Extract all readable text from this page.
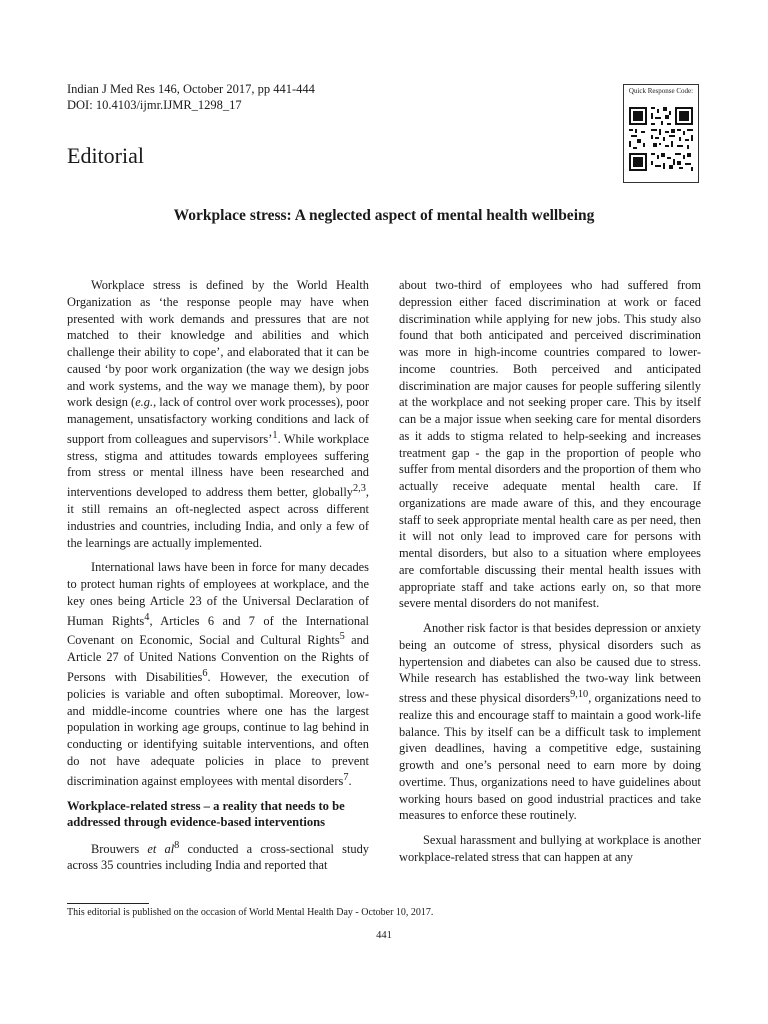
Indian J Med Res 146, October 2017, pp 441-444
DOI: 10.4103/ijmr.IJMR_1298_17
Editorial
Quick Response Code:
Workplace stress: A neglected aspect of mental health wellbeing

Workplace stress is defined by the World Health Organization as ‘the response people may have when presented with work demands and pressures that are not matched to their knowledge and abilities and which challenge their ability to cope’, and elaborated that it can be caused ‘by poor work organization (the way we design jobs and work systems, and the way we manage them), by poor work design (e.g., lack of control over work processes), poor management, unsatisfactory working conditions and lack of support from colleagues and supervisors’$^1$. While workplace stress, stigma and attitudes towards employees suffering from stress or mental illness have been researched and interventions developed to address them better, globally$^{2,3}$, it still remains an oft-neglected aspect across different industries and countries, including India, and only a few of the learnings are actually implemented.

International laws have been in force for many decades to protect human rights of employees at workplace, and the key ones being Article 23 of the Universal Declaration of Human Rights$^4$, Articles 6 and 7 of the International Covenant on Economic, Social and Cultural Rights$^5$ and Article 27 of United Nations Convention on the Rights of Persons with Disabilities$^6$. However, the execution of policies is variable and often suboptimal. Moreover, low- and middle-income countries where one has the largest population in working age groups, continue to lag behind in conducting or identifying suitable interventions, and often do not have adequate policies in place to prevent discrimination against employees with mental disorders$^7$.

Workplace-related stress – a reality that needs to be addressed through evidence-based interventions

Brouwers et $al^8$ conducted a cross-sectional study across 35 countries including India and reported that

about two-third of employees who had suffered from depression either faced discrimination at work or faced discrimination while applying for new jobs. This study also found that both anticipated and perceived discrimination was more in high-income countries compared to lower-income countries. Both perceived and anticipated discrimination are major causes for people suffering silently at the workplace and not seeking proper care. This by itself can be a major issue when seeking care for mental disorders as it adds to stigma related to help-seeking and increases treatment gap - the gap in the proportion of people who suffer from mental disorders and the proportion of them who actually receive adequate mental health care. If organizations are made aware of this, and they encourage staff to seek appropriate mental health care as per need, then it will not only lead to improved care for persons with mental disorders, but also to a situation where employees are comfortable discussing their mental health issues with appropriate staff and take actions early on, so that more severe mental disorders do not manifest.

Another risk factor is that besides depression or anxiety being an outcome of stress, physical disorders such as hypertension and diabetes can also be caused due to stress. While research has established the two-way link between stress and these physical disorders$^{9,10}$, organizations need to realize this and encourage staff to maintain a good work-life balance. This by itself can be a difficult task to implement given deadlines, having a competitive edge, sustaining growth and one’s personal need to earn more by doing overtime. Thus, organizations need to have guidelines about working hours based on good industrial practices and take measures to enforce these routinely.

Sexual harassment and bullying at workplace is another workplace-related stress that can happen at any

This editorial is published on the occasion of World Mental Health Day - October 10, 2017.
441
